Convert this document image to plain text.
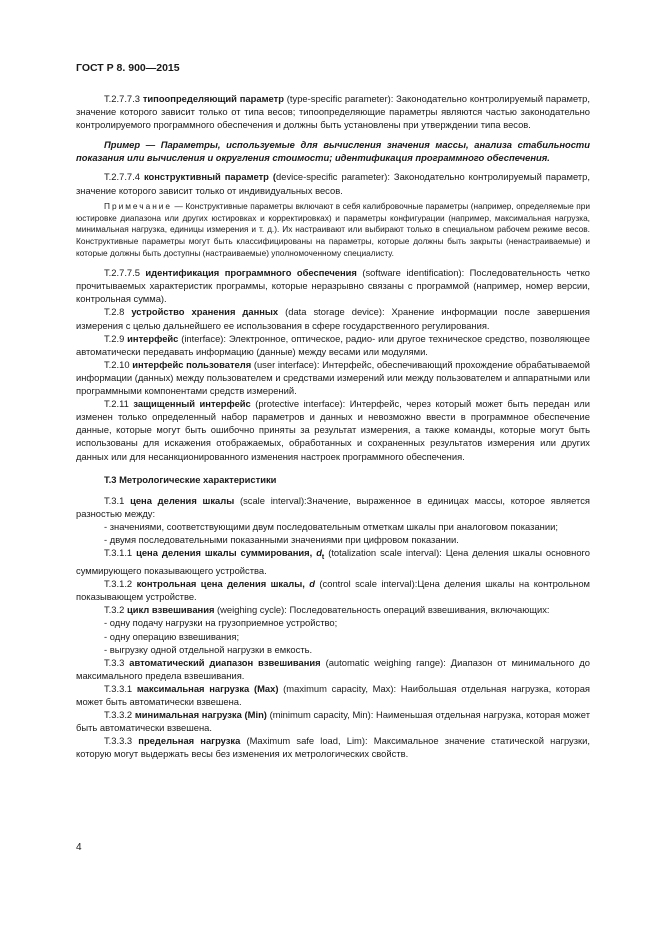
ГОСТ Р 8. 900—2015

Т.2.7.7.3 типоопределяющий параметр (type-specific parameter): Законодательно контролируемый параметр, значение которого зависит только от типа весов; типоопределяющие параметры являются частью законодательно контролируемого программного обеспечения и должны быть установлены при утверждении типа весов.

Пример — Параметры, используемые для вычисления значения массы, анализа стабильности показания или вычисления и округления стоимости; идентификация программного обеспечения.

Т.2.7.7.4 конструктивный параметр (device-specific parameter): Законодательно контролируемый параметр, значение которого зависит только от индивидуальных весов.

Примечание — Конструктивные параметры включают в себя калибровочные параметры (например, определяемые при юстировке диапазона или других юстировках и корректировках) и параметры конфигурации (например, максимальная нагрузка, минимальная нагрузка, единицы измерения и т. д.). Их настраивают или выбирают только в специальном рабочем режиме весов. Конструктивные параметры могут быть классифицированы на параметры, которые должны быть закрыты (ненастраиваемые) и которые должны быть доступны (настраиваемые) уполномоченному специалисту.

Т.2.7.7.5 идентификация программного обеспечения (software identification): Последовательность четко прочитываемых характеристик программы, которые неразрывно связаны с программой (например, номер версии, контрольная сумма).

Т.2.8 устройство хранения данных (data storage device): Хранение информации после завершения измерения с целью дальнейшего ее использования в сфере государственного регулирования.

Т.2.9 интерфейс (interface): Электронное, оптическое, радио- или другое техническое средство, позволяющее автоматически передавать информацию (данные) между весами или модулями.

Т.2.10 интерфейс пользователя (user interface): Интерфейс, обеспечивающий прохождение обрабатываемой информации (данных) между пользователем и средствами измерений или между пользователем и аппаратными или программными компонентами средств измерений.

Т.2.11 защищенный интерфейс (protective interface): Интерфейс, через который может быть передан или изменен только определенный набор параметров и данных и невозможно ввести в программное обеспечение данные, которые могут быть ошибочно приняты за результат измерения, а также команды, которые могут быть использованы для искажения отображаемых, обработанных и сохраненных результатов измерения или других данных или для несанкционированного изменения настроек программного обеспечения.

Т.3 Метрологические характеристики

Т.3.1 цена деления шкалы (scale interval):Значение, выраженное в единицах массы, которое является разностью между:

- значениями, соответствующими двум последовательным отметкам шкалы при аналоговом показании;

- двумя последовательными показанными значениями при цифровом показании.

Т.3.1.1 цена деления шкалы суммирования, $d_t$ (totalization scale interval): Цена деления шкалы основного суммирующего показывающего устройства.

Т.3.1.2 контрольная цена деления шкалы, d (control scale interval):Цена деления шкалы на контрольном показывающем устройстве.

Т.3.2 цикл взвешивания (weighing cycle): Последовательность операций взвешивания, включающих:

- одну подачу нагрузки на грузоприемное устройство;

- одну операцию взвешивания;

- выгрузку одной отдельной нагрузки в емкость.

Т.3.3 автоматический диапазон взвешивания (automatic weighing range): Диапазон от минимального до максимального предела взвешивания.

Т.3.3.1 максимальная нагрузка (Max) (maximum capacity, Max): Наибольшая отдельная нагрузка, которая может быть автоматически взвешена.

Т.3.3.2 минимальная нагрузка (Min) (minimum capacity, Min): Наименьшая отдельная нагрузка, которая может быть автоматически взвешена.

Т.3.3.3 предельная нагрузка (Maximum safe load, Lim): Максимальное значение статической нагрузки, которую могут выдержать весы без изменения их метрологических свойств.

4
